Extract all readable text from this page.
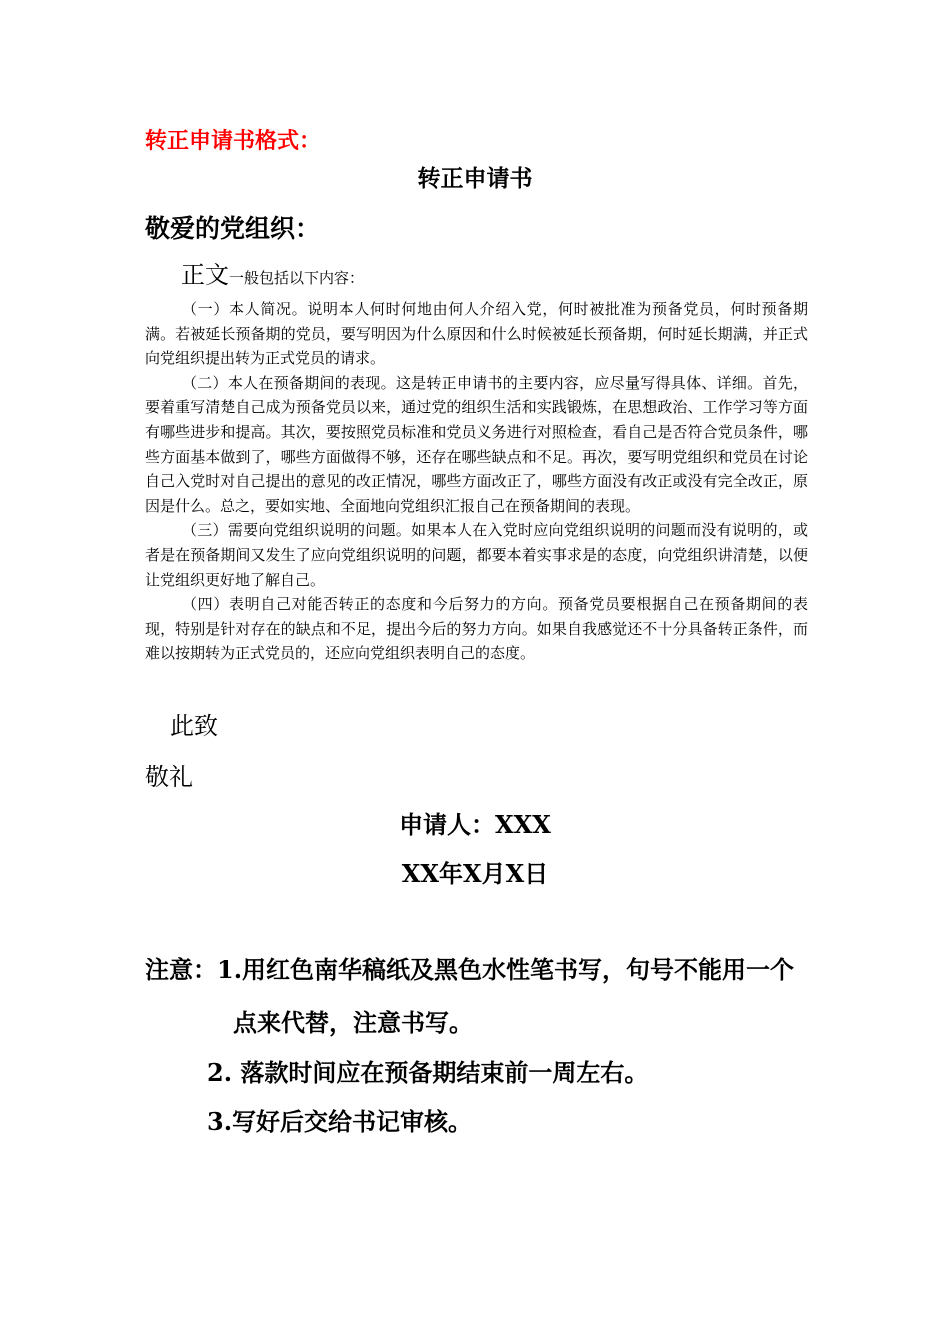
转正申请书格式：
转正申请书
敬爱的党组织：
正文一般包括以下内容：

（一）本人简况。说明本人何时何地由何人介绍入党，何时被批准为预备党员，何时预备期满。若被延长预备期的党员，要写明因为什么原因和什么时候被延长预备期，何时延长期满，并正式向党组织提出转为正式党员的请求。

（二）本人在预备期间的表现。这是转正申请书的主要内容，应尽量写得具体、详细。首先，要着重写清楚自己成为预备党员以来，通过党的组织生活和实践锻炼，在思想政治、工作学习等方面有哪些进步和提高。其次，要按照党员标准和党员义务进行对照检查，看自己是否符合党员条件，哪些方面基本做到了，哪些方面做得不够，还存在哪些缺点和不足。再次，要写明党组织和党员在讨论自己入党时对自己提出的意见的改正情况，哪些方面改正了，哪些方面没有改正或没有完全改正，原因是什么。总之，要如实地、全面地向党组织汇报自己在预备期间的表现。

（三）需要向党组织说明的问题。如果本人在入党时应向党组织说明的问题而没有说明的，或者是在预备期间又发生了应向党组织说明的问题，都要本着实事求是的态度，向党组织讲清楚，以便让党组织更好地了解自己。

（四）表明自己对能否转正的态度和今后努力的方向。预备党员要根据自己在预备期间的表现，特别是针对存在的缺点和不足，提出今后的努力方向。如果自我感觉还不十分具备转正条件，而难以按期转为正式党员的，还应向党组织表明自己的态度。

此致
敬礼
申请人：XXX
XX年X月X日
注意：1.用红色南华稿纸及黑色水性笔书写，句号不能用一个
点来代替，注意书写。
2. 落款时间应在预备期结束前一周左右。
3.写好后交给书记审核。
